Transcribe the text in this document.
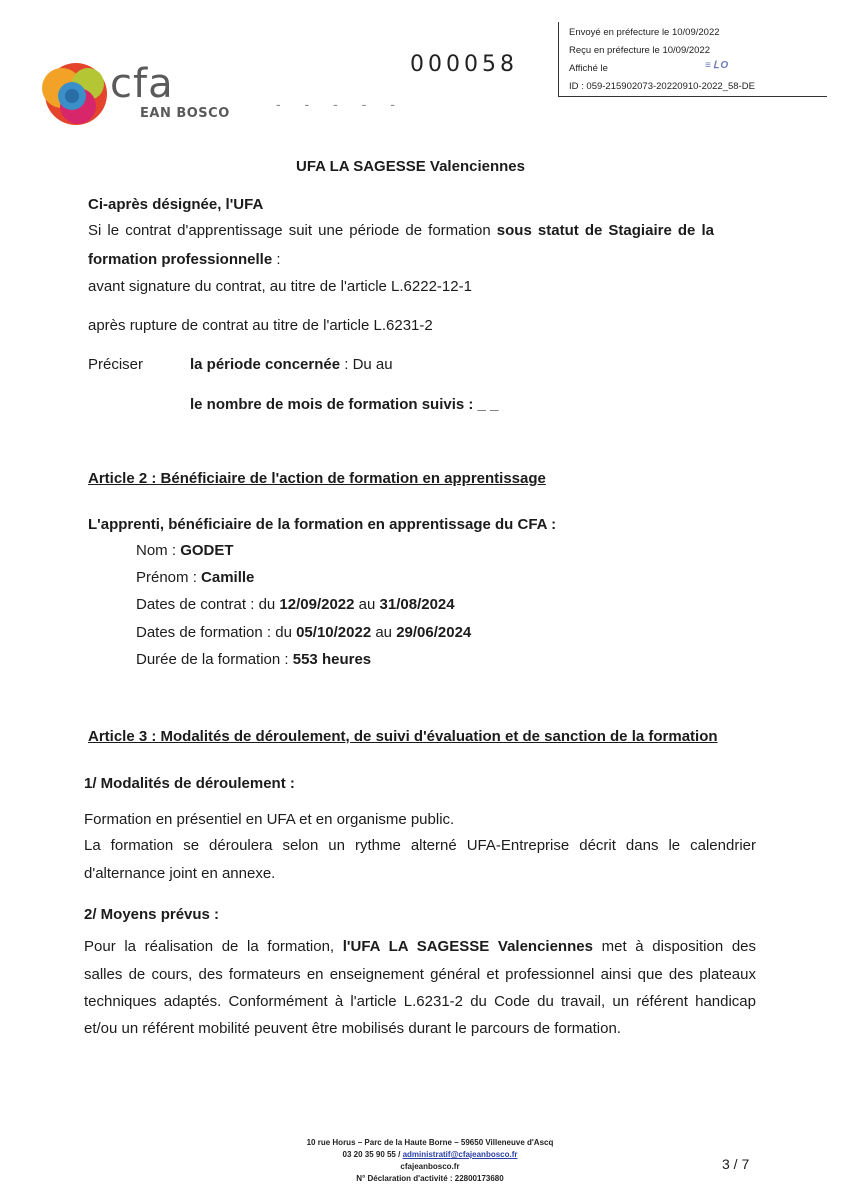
cfa
EAN BOSCO
000058
- - - - -
Envoyé en préfecture le 10/09/2022
Reçu en préfecture le 10/09/2022
Affiché le	≡ᒪО
ID : 059-215902073-20220910-2022_58-DE
UFA LA SAGESSE Valenciennes
Ci-après désignée, l'UFA
Si le contrat d'apprentissage suit une période de formation sous statut de Stagiaire de la
formation professionnelle :
avant signature du contrat, au titre de l'article L.6222-12-1
après rupture de contrat au titre de l'article L.6231-2
Préciser	la période concernée : Du au
le nombre de mois de formation suivis : _ _
Article 2 : Bénéficiaire de l'action de formation en apprentissage
L'apprenti, bénéficiaire de la formation en apprentissage du CFA :
Nom : GODET
Prénom : Camille
Dates de contrat : du 12/09/2022 au 31/08/2024
Dates de formation : du 05/10/2022 au 29/06/2024
Durée de la formation : 553 heures
Article 3 : Modalités de déroulement, de suivi d'évaluation et de sanction de la formation
1/ Modalités de déroulement :
Formation en présentiel en UFA et en organisme public.
La formation se déroulera selon un rythme alterné UFA-Entreprise décrit dans le calendrier
d'alternance joint en annexe.
2/ Moyens prévus :
Pour la réalisation de la formation, l'UFA LA SAGESSE Valenciennes met à disposition des
salles de cours, des formateurs en enseignement général et professionnel ainsi que des plateaux
techniques adaptés. Conformément à l'article L.6231-2 du Code du travail, un référent handicap
et/ou un référent mobilité peuvent être mobilisés durant le parcours de formation.
10 rue Horus – Parc de la Haute Borne – 59650 Villeneuve d'Ascq
03 20 35 90 55 / administratif@cfajeanbosco.fr
cfajeanbosco.fr
N° Déclaration d'activité : 22800173680
3 / 7
